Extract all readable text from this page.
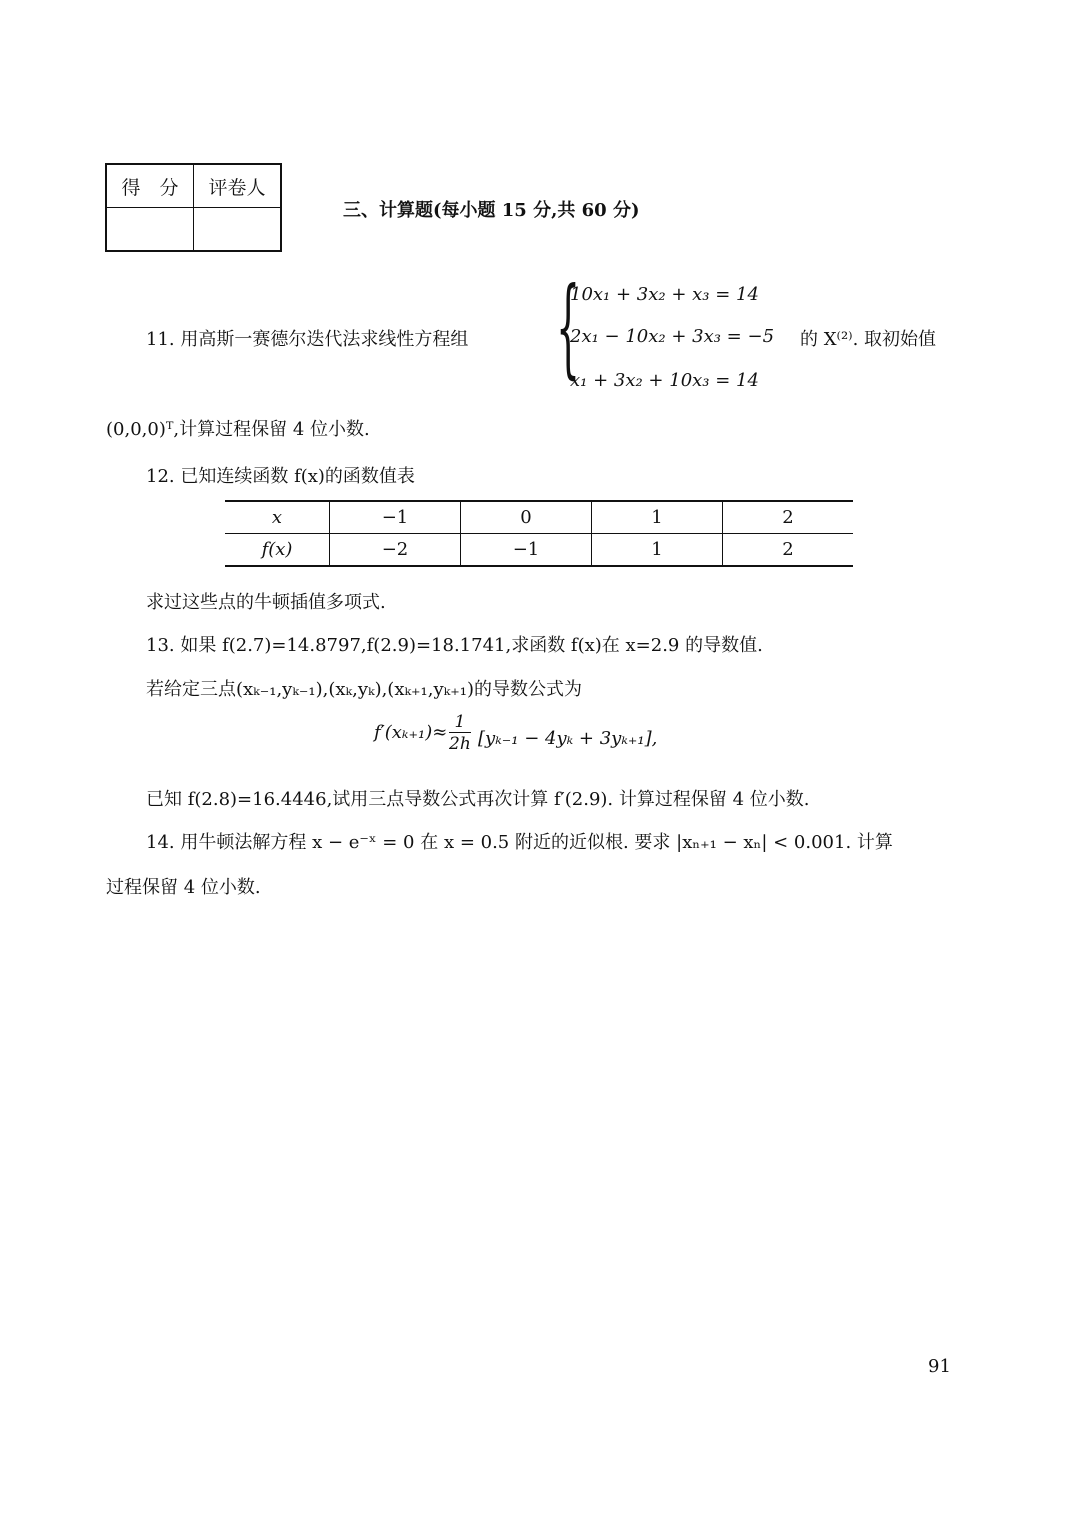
得　分	评卷人

三、计算题(每小题 15 分,共 60 分)
11. 用高斯一赛德尔迭代法求线性方程组 {
10x₁ + 3x₂ + x₃ = 14
2x₁ − 10x₂ + 3x₃ = −5
x₁ + 3x₂ + 10x₃ = 14
的 X⁽²⁾. 取初始值
(0,0,0)ᵀ,计算过程保留 4 位小数.
12. 已知连续函数 f(x)的函数值表
x	−1	0	1	2
f(x)	−2	−1	1	2
求过这些点的牛顿插值多项式.
13. 如果 f(2.7)=14.8797,f(2.9)=18.1741,求函数 f(x)在 x=2.9 的导数值.
若给定三点(xₖ₋₁,yₖ₋₁),(xₖ,yₖ),(xₖ₊₁,yₖ₊₁)的导数公式为
$f'(x_{k+1})\approx \frac{1}{2h} [y_{k-1} - 4y_k + 3y_{k+1}]$,
已知 f(2.8)=16.4446,试用三点导数公式再次计算 f′(2.9). 计算过程保留 4 位小数.
14. 用牛顿法解方程 x − e⁻ˣ = 0 在 x = 0.5 附近的近似根. 要求 |xₙ₊₁ − xₙ| < 0.001. 计算
过程保留 4 位小数.
91
